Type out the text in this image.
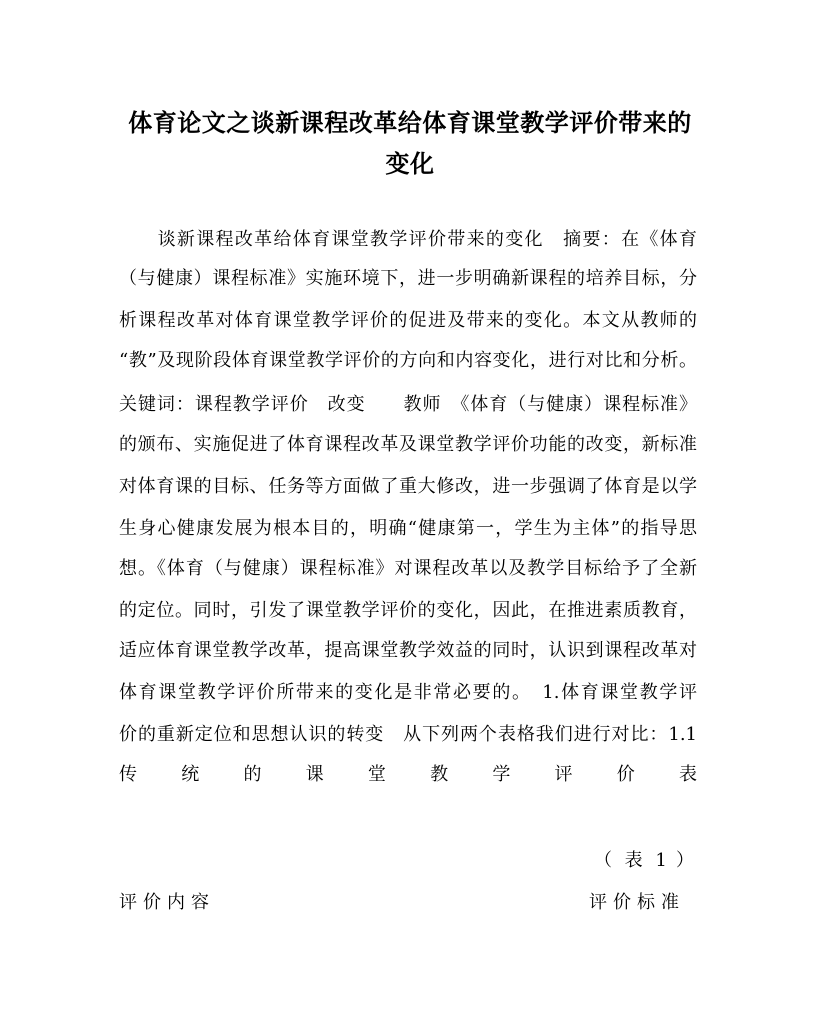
体育论文之谈新课程改革给体育课堂教学评价带来的
变化
　　谈新课程改革给体育课堂教学评价带来的变化　摘要：在《体育
（与健康）课程标准》实施环境下，进一步明确新课程的培养目标，分
析课程改革对体育课堂教学评价的促进及带来的变化。本文从教师的
“教”及现阶段体育课堂教学评价的方向和内容变化，进行对比和分析。
关键词：课程教学评价　改变　　教师　《体育（与健康）课程标准》
的颁布、实施促进了体育课程改革及课堂教学评价功能的改变，新标准
对体育课的目标、任务等方面做了重大修改，进一步强调了体育是以学
生身心健康发展为根本目的，明确“健康第一，学生为主体”的指导思
想。《体育（与健康）课程标准》对课程改革以及教学目标给予了全新
的定位。同时，引发了课堂教学评价的变化，因此，在推进素质教育，
适应体育课堂教学改革，提高课堂教学效益的同时，认识到课程改革对
体育课堂教学评价所带来的变化是非常必要的。　1.体育课堂教学评
价的重新定位和思想认识的转变　从下列两个表格我们进行对比：1.1
传 统 的 课 堂 教 学 评 价 表
（ 表 1 ）
评价内容	评价标准
